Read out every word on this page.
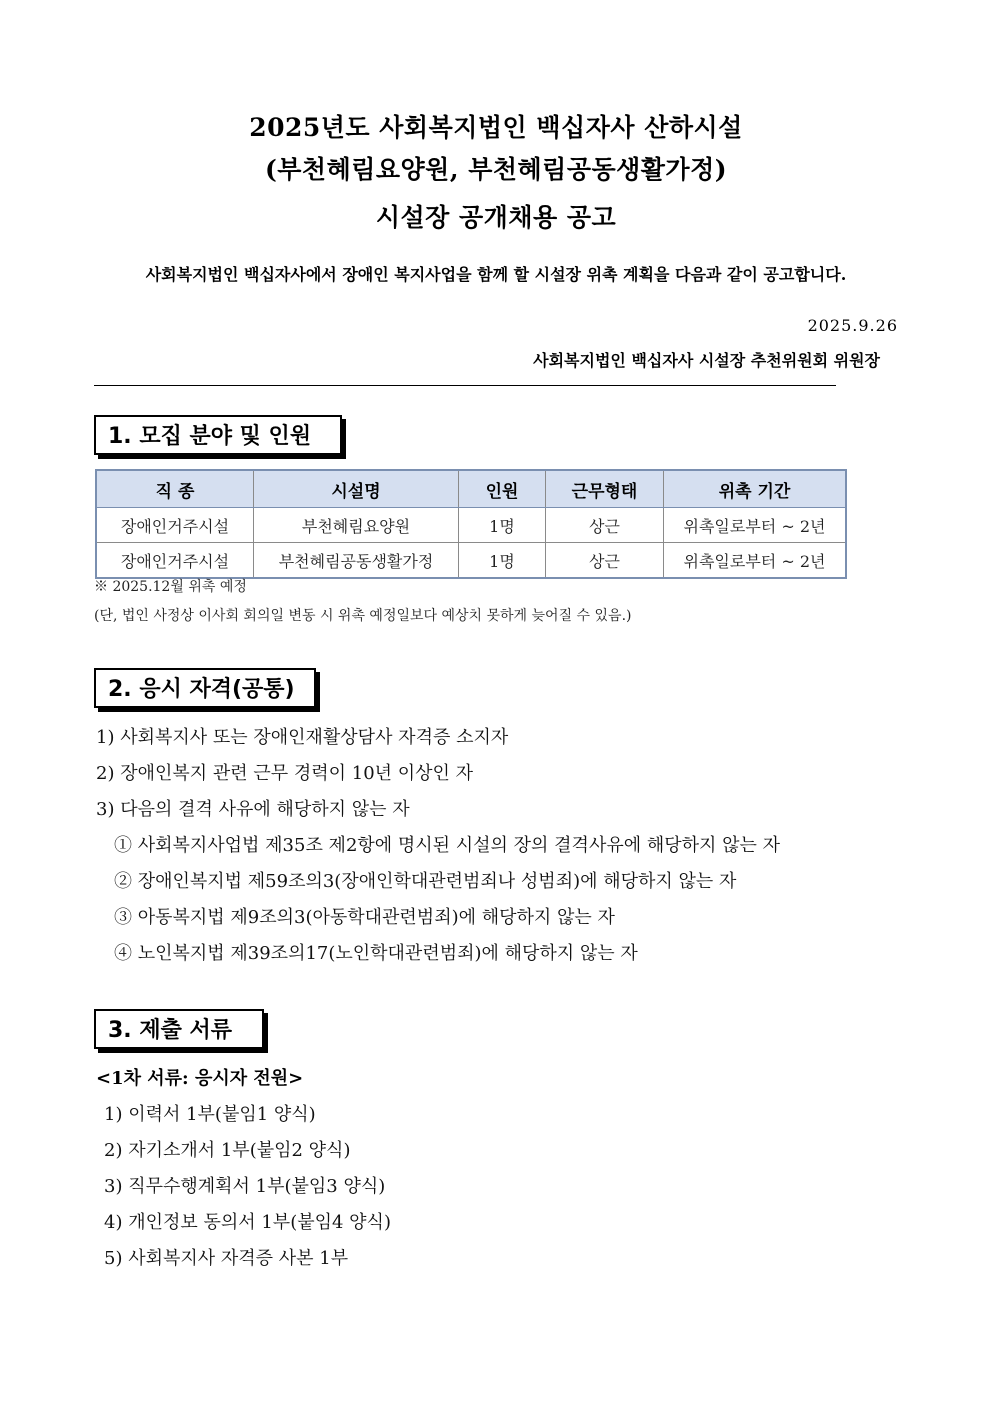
2025년도 사회복지법인 백십자사 산하시설
(부천혜림요양원, 부천혜림공동생활가정)
시설장 공개채용 공고
사회복지법인 백십자사에서 장애인 복지사업을 함께 할 시설장 위촉 계획을 다음과 같이 공고합니다.
2025.9.26
사회복지법인 백십자사 시설장 추천위원회 위원장
1. 모집 분야 및 인원
직 종	시설명	인원	근무형태	위촉 기간
장애인거주시설	부천혜림요양원	1명	상근	위촉일로부터 ~ 2년
장애인거주시설	부천혜림공동생활가정	1명	상근	위촉일로부터 ~ 2년
※ 2025.12월 위촉 예정
(단, 법인 사정상 이사회 회의일 변동 시 위촉 예정일보다 예상치 못하게 늦어질 수 있음.)
2. 응시 자격(공통)
1) 사회복지사 또는 장애인재활상담사 자격증 소지자
2) 장애인복지 관련 근무 경력이 10년 이상인 자
3) 다음의 결격 사유에 해당하지 않는 자
① 사회복지사업법 제35조 제2항에 명시된 시설의 장의 결격사유에 해당하지 않는 자
② 장애인복지법 제59조의3(장애인학대관련범죄나 성범죄)에 해당하지 않는 자
③ 아동복지법 제9조의3(아동학대관련범죄)에 해당하지 않는 자
④ 노인복지법 제39조의17(노인학대관련범죄)에 해당하지 않는 자
3. 제출 서류
<1차 서류: 응시자 전원>
1) 이력서 1부(붙임1 양식)
2) 자기소개서 1부(붙임2 양식)
3) 직무수행계획서 1부(붙임3 양식)
4) 개인정보 동의서 1부(붙임4 양식)
5) 사회복지사 자격증 사본 1부
